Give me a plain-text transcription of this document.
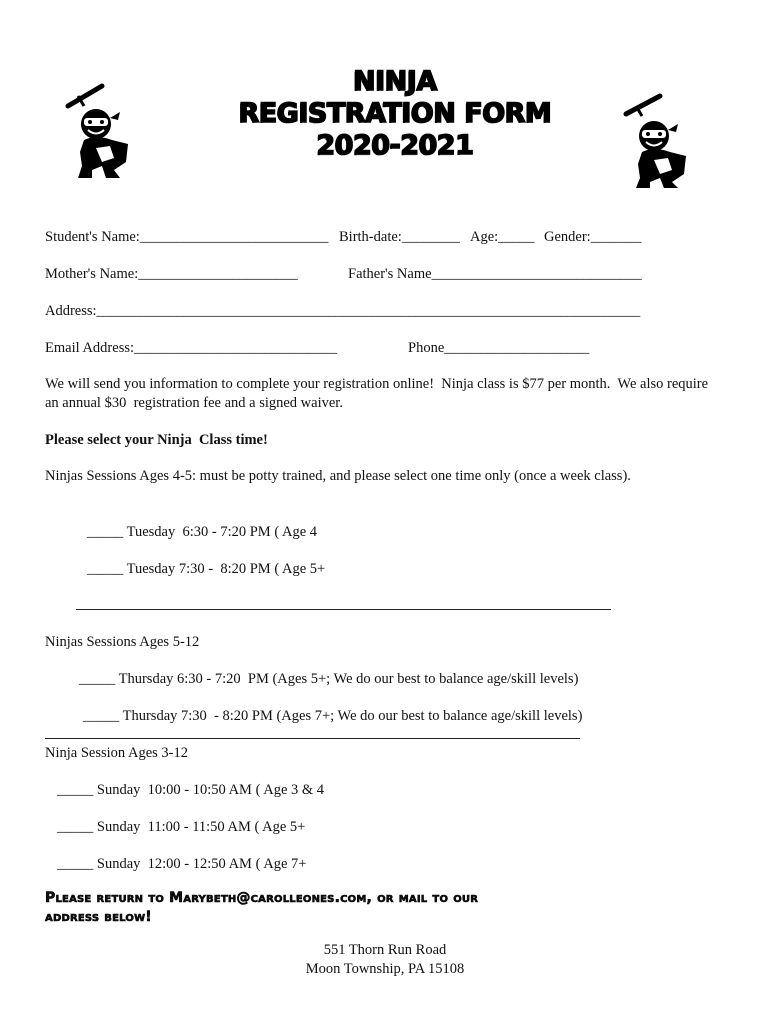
NINJA
REGISTRATION FORM
2020-2021
Student's Name:__________________________ Birth-date:________ Age:_____ Gender:_______
Mother's Name:______________________	Father's Name_____________________________
Address:___________________________________________________________________________
Email Address:____________________________	Phone____________________
We will send you information to complete your registration online!  Ninja class is $77 per month.  We also require
an annual $30  registration fee and a signed waiver.
Please select your Ninja  Class time!
Ninjas Sessions Ages 4-5: must be potty trained, and please select one time only (once a week class).
_____ Tuesday  6:30 - 7:20 PM ( Age 4
_____ Tuesday 7:30 -  8:20 PM ( Age 5+
Ninjas Sessions Ages 5-12
_____ Thursday 6:30 - 7:20  PM (Ages 5+; We do our best to balance age/skill levels)
_____ Thursday 7:30  - 8:20 PM (Ages 7+; We do our best to balance age/skill levels)
Ninja Session Ages 3-12
_____ Sunday  10:00 - 10:50 AM ( Age 3 & 4
_____ Sunday  11:00 - 11:50 AM ( Age 5+
_____ Sunday  12:00 - 12:50 AM ( Age 7+
Please return to Marybeth@carolleones.com, or mail to our
address below!
551 Thorn Run Road
Moon Township, PA 15108
